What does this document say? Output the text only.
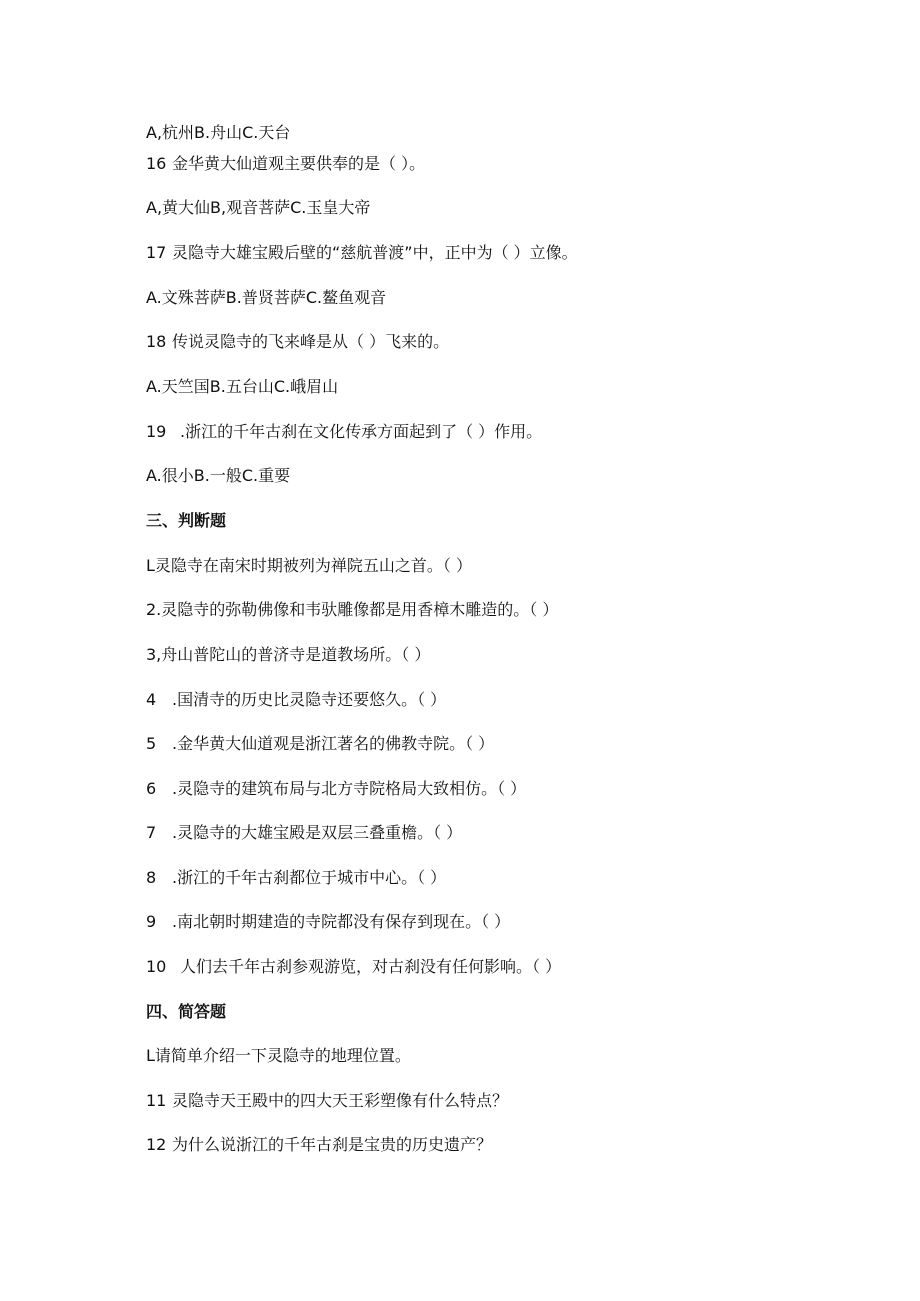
A,杭州B.舟山C.天台
16 金华黄大仙道观主要供奉的是（ ）。
A,黄大仙B,观音菩萨C.玉皇大帝
17 灵隐寺大雄宝殿后壁的“慈航普渡”中，正中为（ ）立像。
A.文殊菩萨B.普贤菩萨C.鳌鱼观音
18 传说灵隐寺的飞来峰是从（ ）飞来的。
A.天竺国B.五台山C.峨眉山
19 .浙江的千年古刹在文化传承方面起到了（ ）作用。
A.很小B.一般C.重要
三、判断题
L灵隐寺在南宋时期被列为禅院五山之首。（ ）
2.灵隐寺的弥勒佛像和韦驮雕像都是用香樟木雕造的。（ ）
3,舟山普陀山的普济寺是道教场所。（ ）
4 .国清寺的历史比灵隐寺还要悠久。（ ）
5 .金华黄大仙道观是浙江著名的佛教寺院。（ ）
6 .灵隐寺的建筑布局与北方寺院格局大致相仿。（ ）
7 .灵隐寺的大雄宝殿是双层三叠重檐。（ ）
8 .浙江的千年古刹都位于城市中心。（ ）
9 .南北朝时期建造的寺院都没有保存到现在。（ ）
10 人们去千年古刹参观游览，对古刹没有任何影响。（ ）
四、简答题
L请简单介绍一下灵隐寺的地理位置。
11 灵隐寺天王殿中的四大天王彩塑像有什么特点？
12 为什么说浙江的千年古刹是宝贵的历史遗产？
